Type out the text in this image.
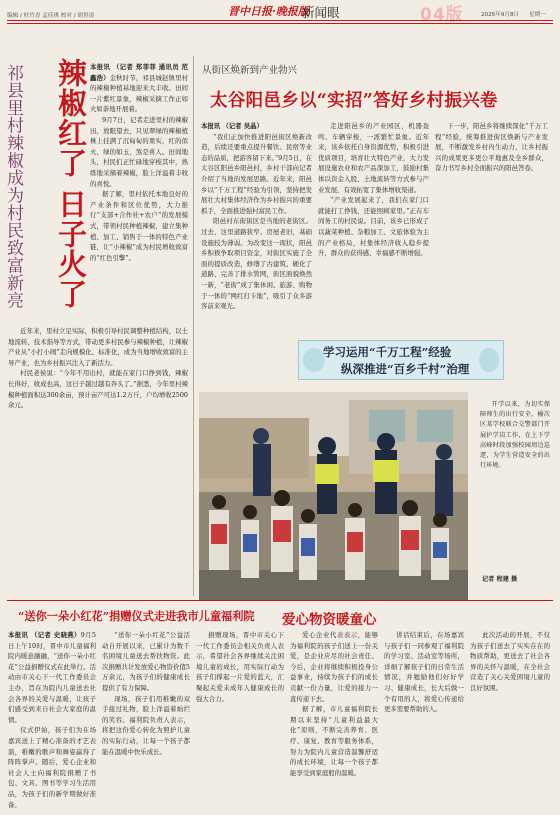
编辑 / 杜竹青 孟佳琪 校对 / 胡世凌	晋中日报·晚报版
新闻眼	04版	2025年9月8日 星期一
祁县里村辣椒成为村民致富新亮	辣椒红了 日子火了 本报讯 （记者 郑菲菲 通讯员 范鑫浩）金秋时节，祁县城赵镇里村的辣椒种植基地迎来大丰收。田间一片紫红景象，辣椒采摘工作正如火如荼地开展着。

9月7日，记者走进里村的辣椒田，放眼望去，只见翠绿的辣椒植株上挂满了沉甸甸的果实，红的似火，绿的如玉，煞是喜人。田间地头，村民们正忙碌地穿梭其中，熟练地采摘着辣椒，脸上洋溢着丰收的喜悦。

据了解，里村依托本地良好的产业条件和区位优势，大力推行“支部+合作社+农户”的发展模式，带领村民种植辣椒，建立集种植、加工、销售于一体的特色产业链，让“小辣椒”成为村民增收致富的“红色引擎”。

近年来，里村立足实际，积极引导村民调整种植结构，以土地流转、技术指导等方式，带动更多村民参与辣椒种植，让辣椒产业从“小打小闹”走向规模化、标准化，成为当地增收致富的主导产业，也为乡村振兴注入了新活力。

村民老侯说：“今年不用出村，就能在家门口挣到钱，辣椒长得好，收成也高，这日子越过越有奔头了。”据悉，今年里村辣椒种植面积达300余亩，预计亩产可达1.2万斤，户均增收2500余元。

从街区焕新到产业勃兴
太谷阳邑乡以“实招”答好乡村振兴卷

本报讯 （记者 吴晶）

“我们正加快推进阳邑街区焕新改造，后续还要重点提升餐饮、民宿等业态的品质，把游客留下来。”9月5日，在太谷区阳邑乡阳邑村，乡村干部向记者介绍了当地的发展思路。近年来，阳邑乡以“千万工程”经验为引领，坚持把发展壮大村集体经济作为乡村振兴的重要抓手，全面推进强村富民工作。

阳邑村东街街区是当地的老街区。过去，这里道路狭窄、房屋老旧，基础设施较为薄弱。为改变这一现状，阳邑乡积极争取项目资金，对街区实施了全面的提质改造，修缮了古建筑、硬化了道路、完善了排水管网，街区面貌焕然一新，“老街”成了集休闲、旅游、购物于一体的“网红打卡地”，吸引了众多游客前来观光。

走进阳邑乡的产业园区，机器轰鸣、车辆穿梭，一派繁忙景象。近年来，该乡依托自身资源优势，积极引进优质项目，培育壮大特色产业，大力发展设施农业和农产品深加工，鼓励村集体以资金入股、土地流转等方式参与产业发展，有效拓宽了集体增收渠道。

“产业发展起来了，我们在家门口就能打工挣钱，还能照顾家里。”正在车间务工的村民说。目前，该乡已形成了以蔬菜种植、杂粮加工、文旅体验为主的产业格局，村集体经济收入稳步提升，群众的获得感、幸福感不断增强。

下一步，阳邑乡将继续深化“千万工程”经验，统筹推进街区焕新与产业发展，不断激发乡村内生动力，让乡村振兴的成果更多更公平地惠及全乡群众，奋力书写乡村全面振兴的阳邑答卷。

学习运用“千万工程”经验
纵深推进“百乡千村”治理

开学以来，为切实保障师生的出行安全，榆次区某学校联合交警部门开展护学岗工作，在上下学高峰时段加强校园周边巡逻，为学生营造安全的出行环境。

记者 程建 摄
“送你一朵小红花”捐赠仪式走进我市儿童福利院

本报讯 （记者 史晓燕）9月5日上午10时，晋中市儿童福利院内暖意融融，“送你一朵小红花”公益捐赠仪式在此举行。活动由市关心下一代工作委员会主办，旨在为院内儿童送去社会各界的关爱与温暖，让孩子们感受到来自社会大家庭的温情。

仪式伊始，孩子们为在场嘉宾送上了精心准备的才艺表演，稚嫩的歌声和舞姿赢得了阵阵掌声。随后，爱心企业和社会人士向福利院捐赠了书包、文具、图书等学习生活用品，为孩子们的新学期做好准备。

“送你一朵小红花”公益活动自开展以来，已累计为数千名困境儿童送去帮扶物资。此次捐赠共计发放爱心物资价值5万余元，为孩子们的健康成长提供了有力保障。

现场，孩子们用稚嫩的双手接过礼物，脸上洋溢着灿烂的笑容。福利院负责人表示，将把这份爱心转化为照护儿童的实际行动，让每一个孩子都能在温暖中快乐成长。

爱心物资暖童心

捐赠现场，晋中市关心下一代工作委员会相关负责人表示，希望社会各界继续关注困境儿童的成长，用实际行动为孩子们撑起一片爱的蓝天，汇聚起关爱未成年人健康成长的强大合力。

爱心企业代表表示，能够为福利院的孩子们送上一份关爱，是企业应尽的社会责任。今后，企业将继续积极投身公益事业，持续为孩子们的成长贡献一份力量，让爱的接力一直传递下去。

据了解，市儿童福利院长期以来坚持“儿童利益最大化”原则，不断完善养育、医疗、康复、教育等服务体系，努力为院内儿童营造温馨舒适的成长环境，让每一个孩子都能享受到家庭般的温暖。

讲话结束后，在场嘉宾与孩子们一同参观了福利院的学习室、活动室等场所，详细了解孩子们的日常生活情况，并勉励他们好好学习、健康成长，长大后做一个有用的人，将爱心传递给更多需要帮助的人。

此次活动的开展，不仅为孩子们送去了实实在在的物质帮助，更送去了社会各界的关怀与温暖，在全社会营造了关心关爱困境儿童的良好氛围。
